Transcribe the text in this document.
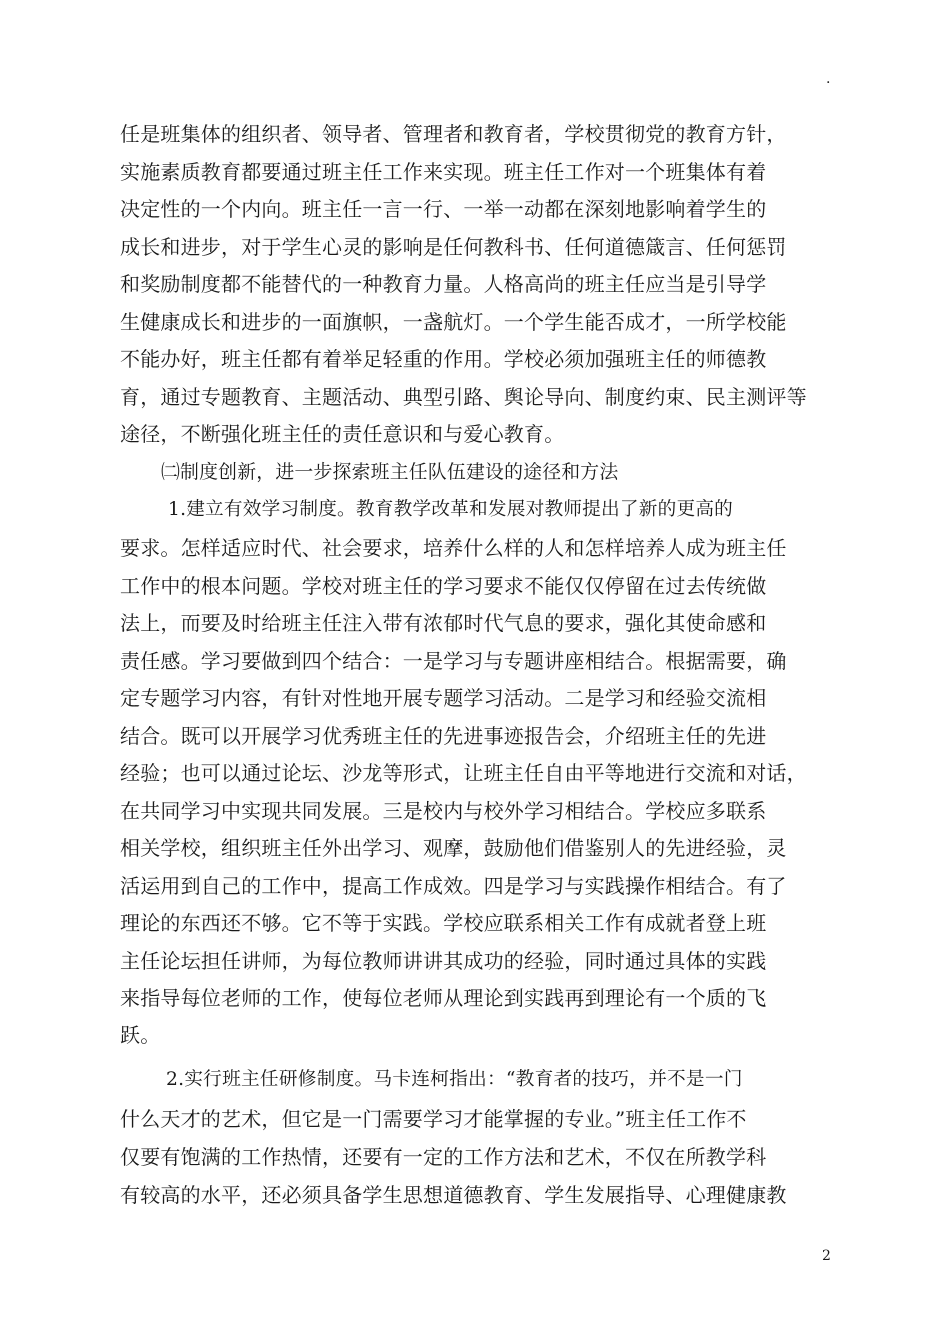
.
任是班集体的组织者、领导者、管理者和教育者，学校贯彻党的教育方针，
实施素质教育都要通过班主任工作来实现。班主任工作对一个班集体有着
决定性的一个内向。班主任一言一行、一举一动都在深刻地影响着学生的
成长和进步，对于学生心灵的影响是任何教科书、任何道德箴言、任何惩罚
和奖励制度都不能替代的一种教育力量。人格高尚的班主任应当是引导学
生健康成长和进步的一面旗帜，一盏航灯。一个学生能否成才，一所学校能
不能办好，班主任都有着举足轻重的作用。学校必须加强班主任的师德教
育，通过专题教育、主题活动、典型引路、舆论导向、制度约束、民主测评等
途径，不断强化班主任的责任意识和与爱心教育。
㈡制度创新，进一步探索班主任队伍建设的途径和方法
1.建立有效学习制度。教育教学改革和发展对教师提出了新的更高的
要求。怎样适应时代、社会要求，培养什么样的人和怎样培养人成为班主任
工作中的根本问题。学校对班主任的学习要求不能仅仅停留在过去传统做
法上，而要及时给班主任注入带有浓郁时代气息的要求，强化其使命感和
责任感。学习要做到四个结合：一是学习与专题讲座相结合。根据需要，确
定专题学习内容，有针对性地开展专题学习活动。二是学习和经验交流相
结合。既可以开展学习优秀班主任的先进事迹报告会，介绍班主任的先进
经验；也可以通过论坛、沙龙等形式，让班主任自由平等地进行交流和对话，
在共同学习中实现共同发展。三是校内与校外学习相结合。学校应多联系
相关学校，组织班主任外出学习、观摩，鼓励他们借鉴别人的先进经验，灵
活运用到自己的工作中，提高工作成效。四是学习与实践操作相结合。有了
理论的东西还不够。它不等于实践。学校应联系相关工作有成就者登上班
主任论坛担任讲师，为每位教师讲讲其成功的经验，同时通过具体的实践
来指导每位老师的工作，使每位老师从理论到实践再到理论有一个质的飞
跃。
2.实行班主任研修制度。马卡连柯指出：“教育者的技巧，并不是一门
什么天才的艺术，但它是一门需要学习才能掌握的专业。”班主任工作不
仅要有饱满的工作热情，还要有一定的工作方法和艺术，不仅在所教学科
有较高的水平，还必须具备学生思想道德教育、学生发展指导、心理健康教
2
